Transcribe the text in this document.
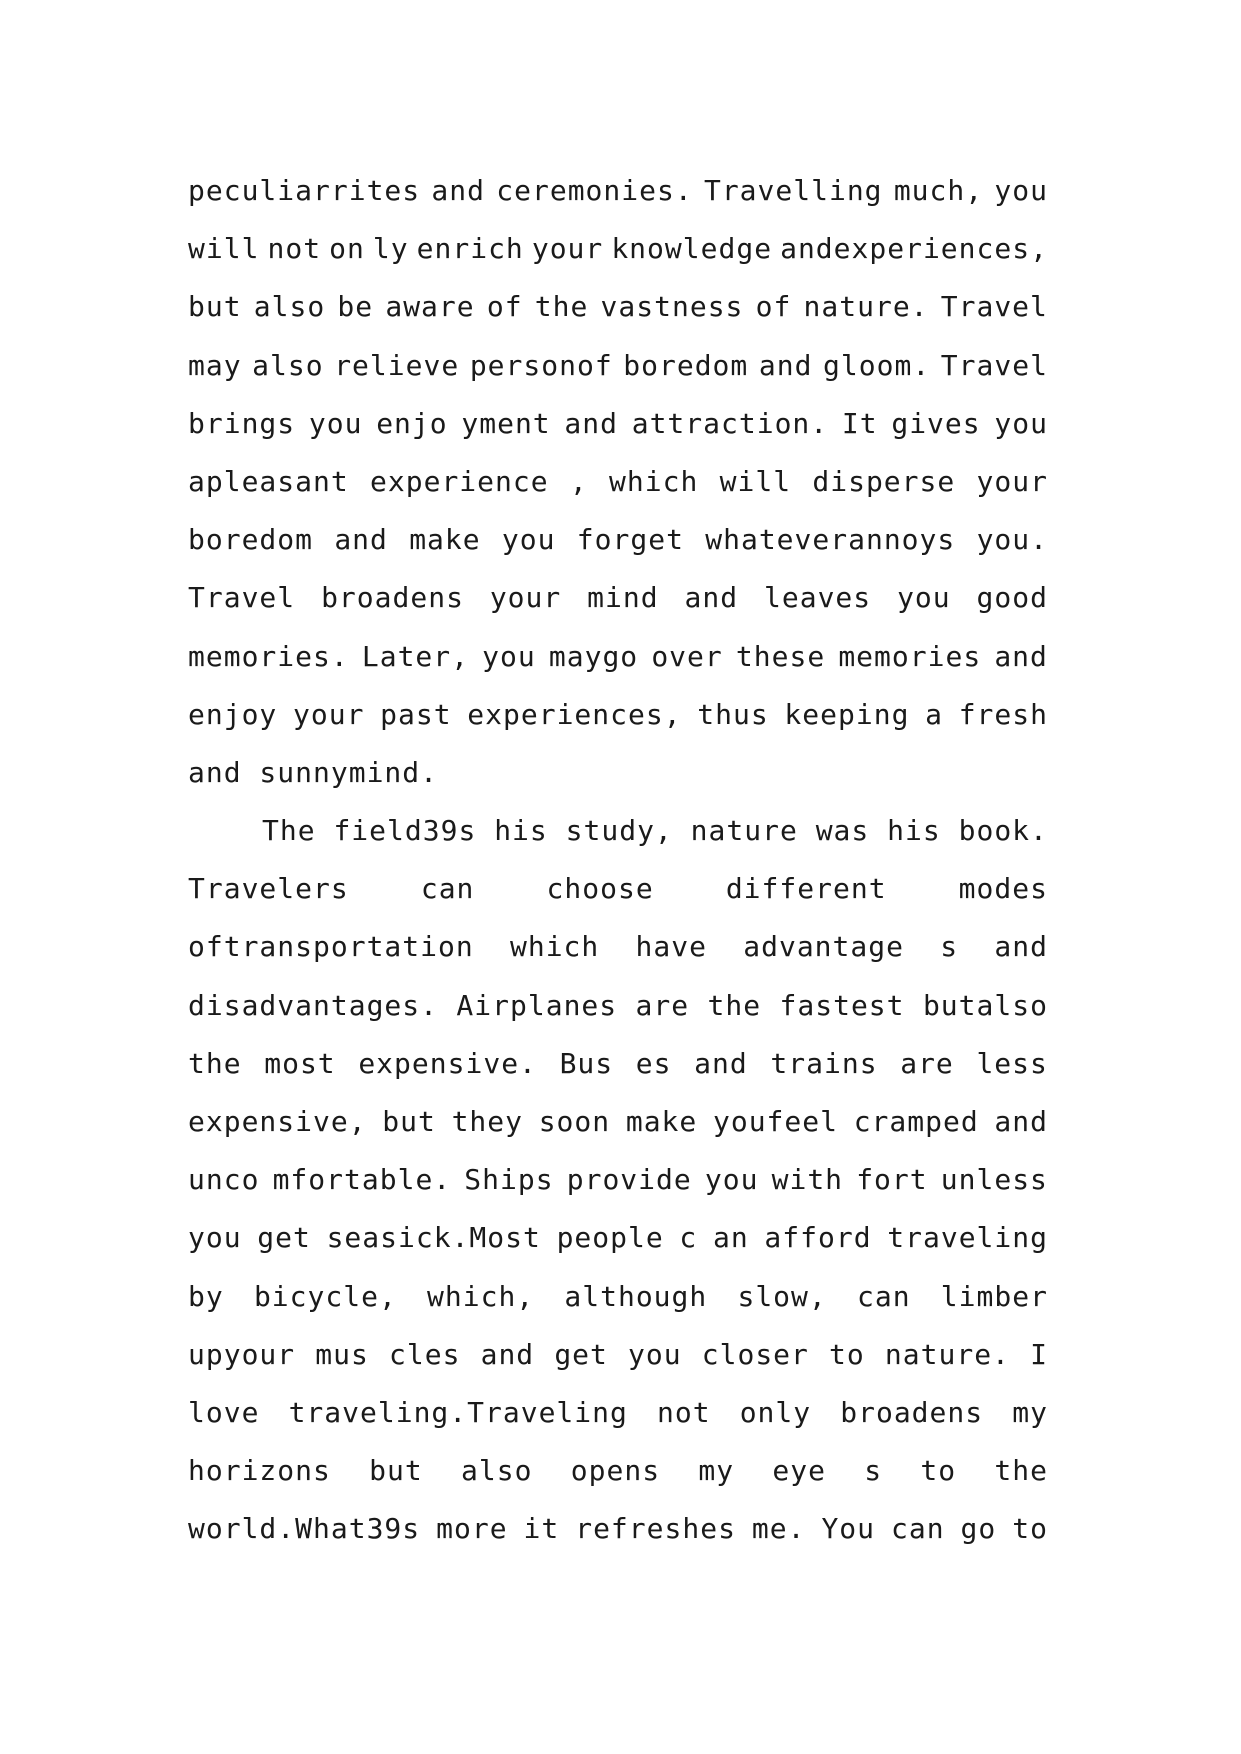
peculiarrites and ceremonies. Travelling much, you
will not on ly enrich your knowledge andexperiences,
but also be aware of the vastness of nature. Travel
may also relieve personof boredom and gloom. Travel
brings you enjo yment and attraction. It gives you
apleasant experience , which will disperse your
boredom and make you forget whateverannoys you.
Travel broadens your mind and leaves you good
memories. Later, you maygo over these memories and
enjoy your past experiences, thus keeping a fresh
and sunnymind.
The field39s his study, nature was his book.
Travelers	can	choose	different	modes
oftransportation which have advantage s and
disadvantages. Airplanes are the fastest butalso
the most expensive. Bus es and trains are less
expensive, but they soon make youfeel cramped and
unco mfortable. Ships provide you with fort unless
you get seasick.Most people c an afford traveling
by bicycle, which, although slow, can limber
upyour mus cles and get you closer to nature. I
love traveling.Traveling not only broadens my
horizons but also opens my eye s to the
world.What39s more it refreshes me. You can go to
